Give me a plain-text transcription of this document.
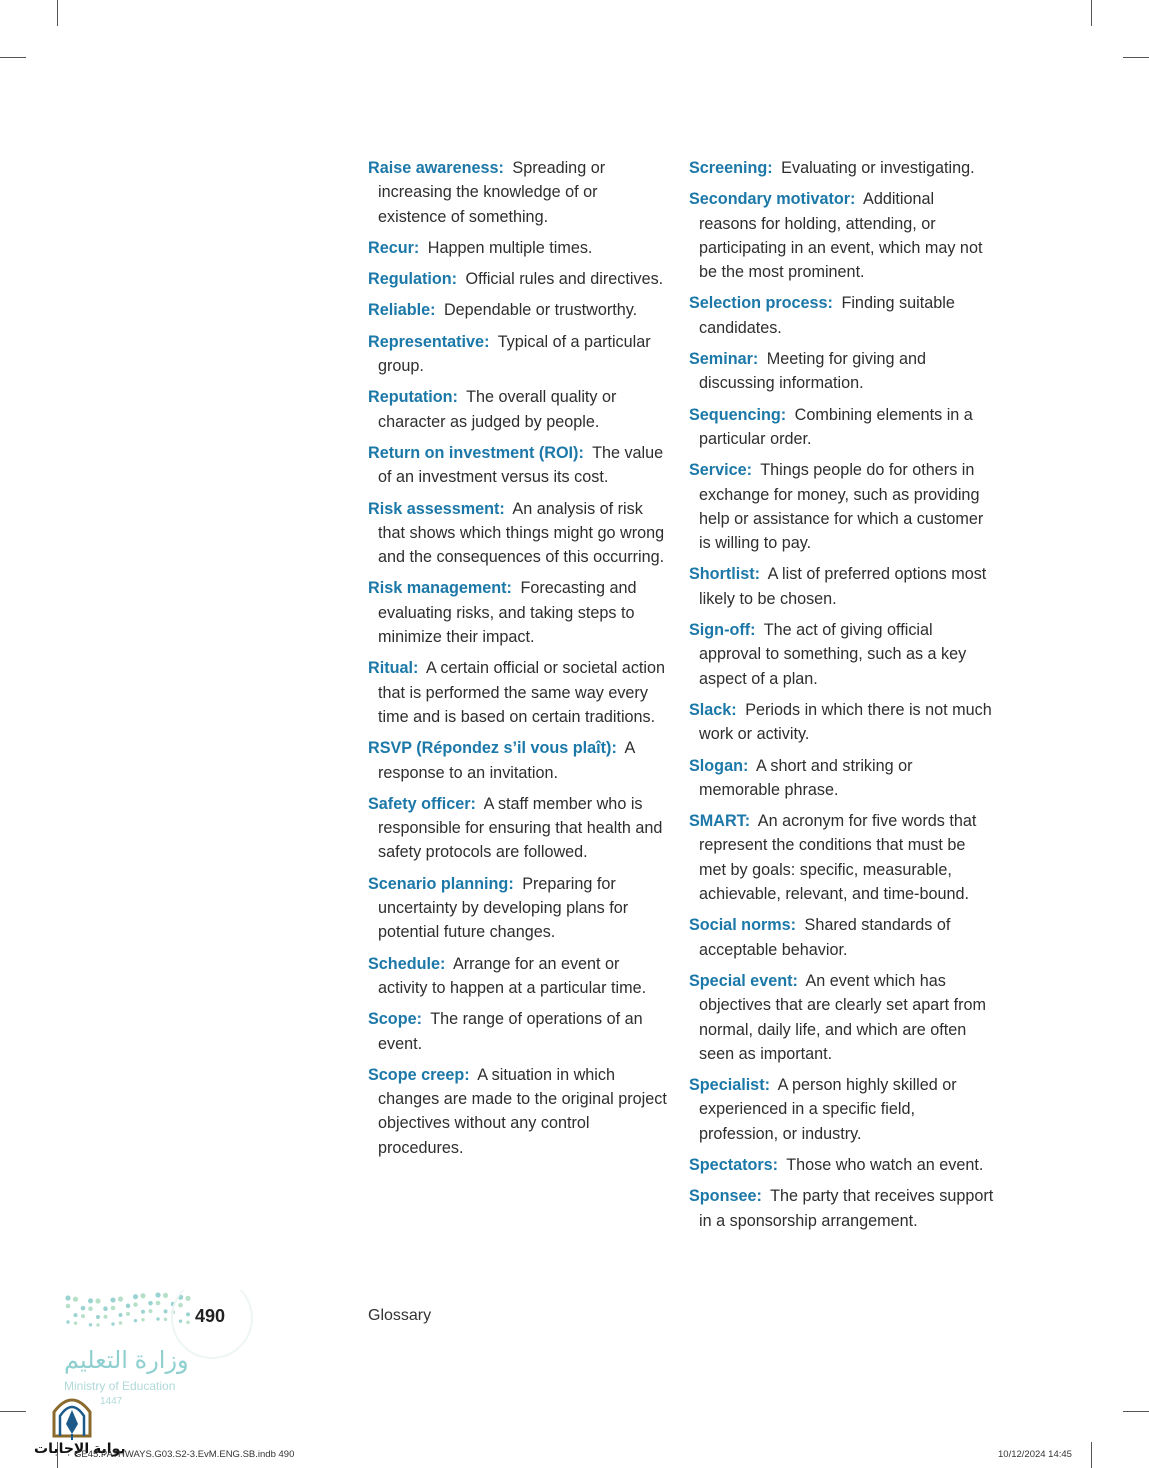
Raise awareness: Spreading or increasing the knowledge of or existence of something.

Recur: Happen multiple times.

Regulation: Official rules and directives.

Reliable: Dependable or trustworthy.

Representative: Typical of a particular group.

Reputation: The overall quality or character as judged by people.

Return on investment (ROI): The value of an investment versus its cost.

Risk assessment: An analysis of risk that shows which things might go wrong and the consequences of this occurring.

Risk management: Forecasting and evaluating risks, and taking steps to minimize their impact.

Ritual: A certain official or societal action that is performed the same way every time and is based on certain traditions.

RSVP (Répondez s’il vous plaît): A response to an invitation.

Safety officer: A staff member who is responsible for ensuring that health and safety protocols are followed.

Scenario planning: Preparing for uncertainty by developing plans for potential future changes.

Schedule: Arrange for an event or activity to happen at a particular time.

Scope: The range of operations of an event.

Scope creep: A situation in which changes are made to the original project objectives without any control procedures.

Screening: Evaluating or investigating.

Secondary motivator: Additional reasons for holding, attending, or participating in an event, which may not be the most prominent.

Selection process: Finding suitable candidates.

Seminar: Meeting for giving and discussing information.

Sequencing: Combining elements in a particular order.

Service: Things people do for others in exchange for money, such as providing help or assistance for which a customer is willing to pay.

Shortlist: A list of preferred options most likely to be chosen.

Sign-off: The act of giving official approval to something, such as a key aspect of a plan.

Slack: Periods in which there is not much work or activity.

Slogan: A short and striking or memorable phrase.

SMART: An acronym for five words that represent the conditions that must be met by goals: specific, measurable, achievable, relevant, and time-bound.

Social norms: Shared standards of acceptable behavior.

Special event: An event which has objectives that are clearly set apart from normal, daily life, and which are often seen as important.

Specialist: A person highly skilled or experienced in a specific field, profession, or industry.

Spectators: Those who watch an event.

Sponsee: The party that receives support in a sponsorship arrangement.

وزارة التعليم
Ministry of Education
1447
490	Glossary
بوابة الإجابات
GE45.PATHWAYS.G03.S2-3.EvM.ENG.SB.indb 490	10/12/2024 14:45
